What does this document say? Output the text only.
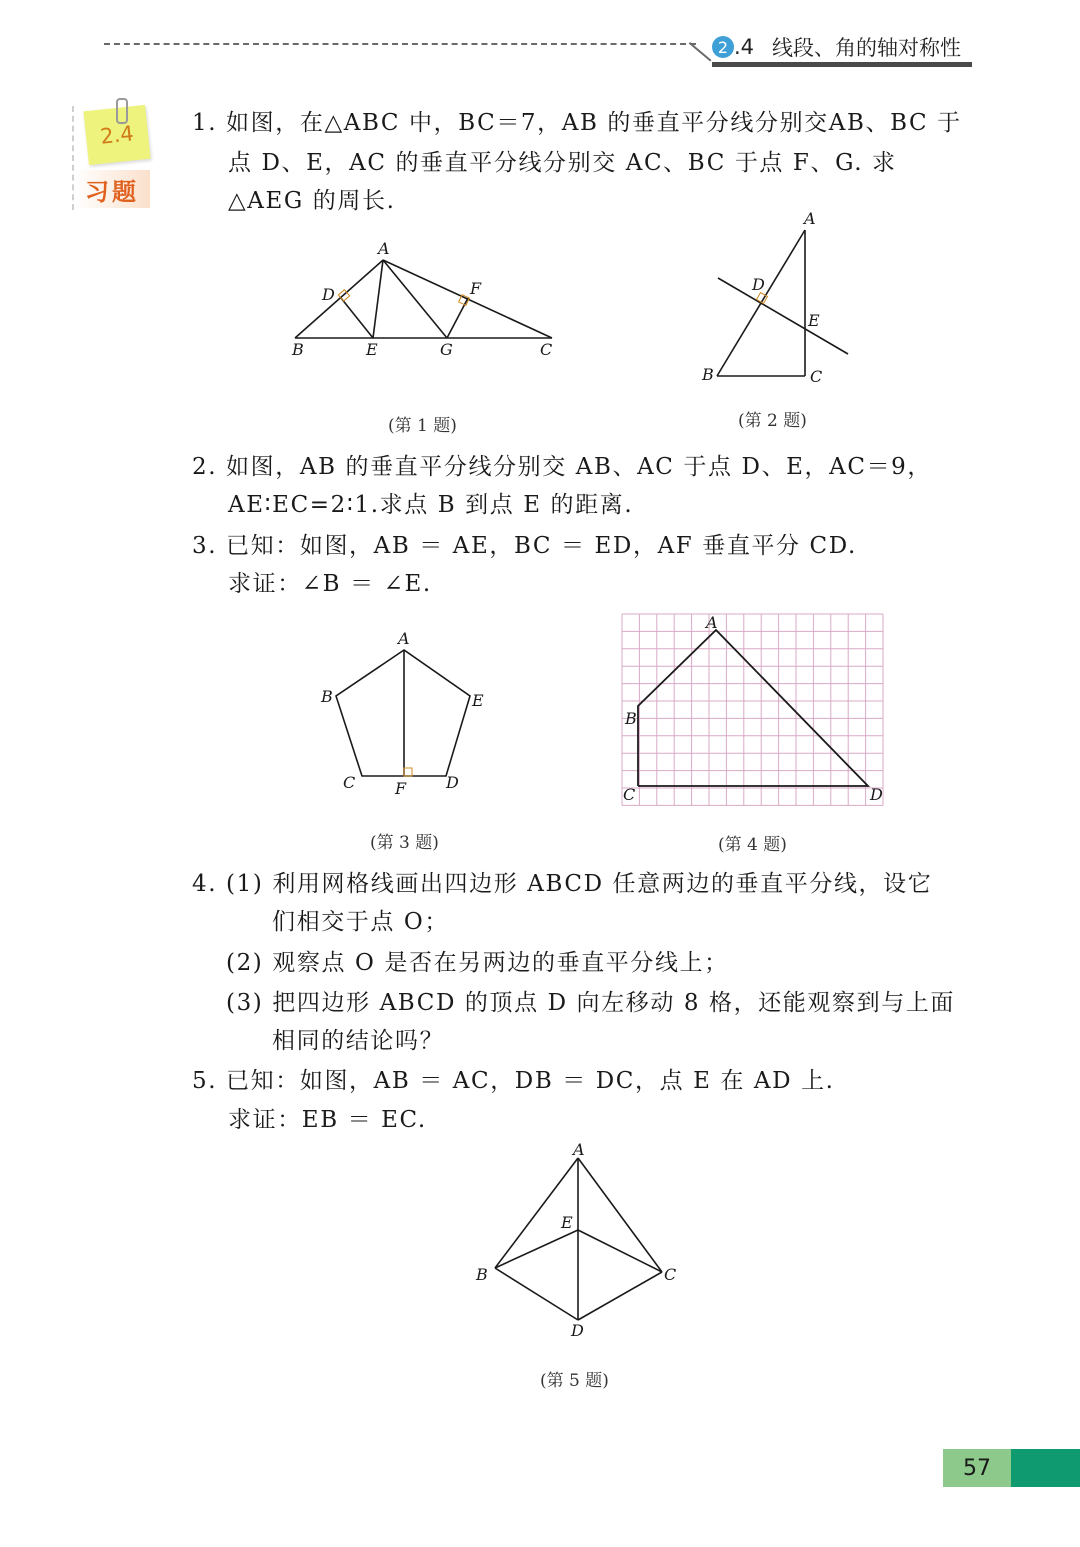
2 .4 线段、角的轴对称性
2.4
习题
1. 如图，在△ABC 中，BC＝7，AB 的垂直平分线分别交AB、BC 于
点 D、E，AC 的垂直平分线分别交 AC、BC 于点 F、G. 求
△AEG 的周长.
A
B	C
D
E
F
G
(第 1 题)
A
B	C
D
E
(第 2 题)
2. 如图，AB 的垂直平分线分别交 AB、AC 于点 D、E，AC＝9，
AE∶EC=2∶1.求点 B 到点 E 的距离.
3. 已知：如图，AB ＝ AE，BC ＝ ED，AF 垂直平分 CD.
求证：∠B ＝ ∠E.
A
B
C	D
E
F
(第 3 题)
A
B
C	D
(第 4 题)
4. (1) 利用网格线画出四边形 ABCD 任意两边的垂直平分线，设它
们相交于点 O；
(2) 观察点 O 是否在另两边的垂直平分线上；
(3) 把四边形 ABCD 的顶点 D 向左移动 8 格，还能观察到与上面
相同的结论吗？
5. 已知：如图，AB ＝ AC，DB ＝ DC，点 E 在 AD 上.
求证：EB ＝ EC.
A
B	C
D
E
(第 5 题)
57
